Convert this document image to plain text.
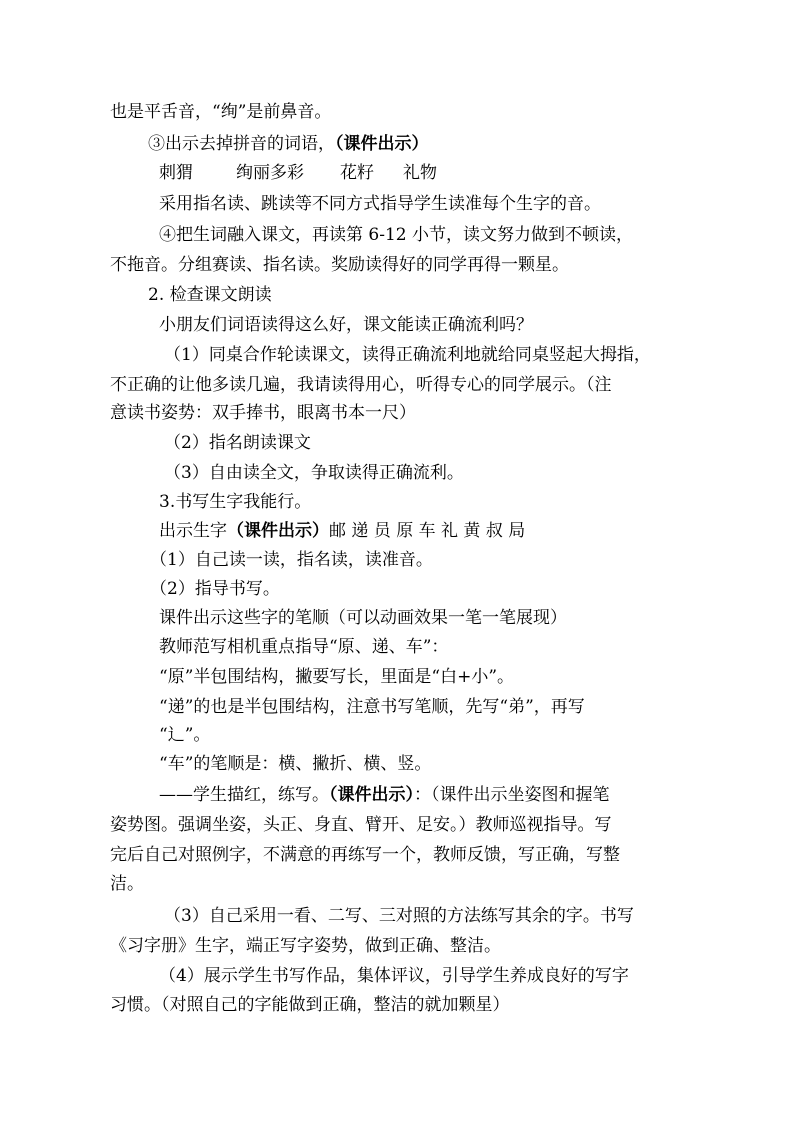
也是平舌音，“绚”是前鼻音。
③出示去掉拼音的词语，（课件出示）
刺猬	绚丽多彩 花籽 礼物
采用指名读、跳读等不同方式指导学生读准每个生字的音。
④把生词融入课文，再读第 6-12 小节，读文努力做到不顿读，
不拖音。分组赛读、指名读。奖励读得好的同学再得一颗星。
2. 检查课文朗读
小朋友们词语读得这么好，课文能读正确流利吗？
（1）同桌合作轮读课文，读得正确流利地就给同桌竖起大拇指，
不正确的让他多读几遍，我请读得用心，听得专心的同学展示。（注
意读书姿势：双手捧书，眼离书本一尺）
（2）指名朗读课文
（3）自由读全文，争取读得正确流利。
3.书写生字我能行。
出示生字（课件出示）邮 递 员 原 车 礼 黄 叔 局
（1）自己读一读，指名读，读准音。
（2）指导书写。
课件出示这些字的笔顺（可以动画效果一笔一笔展现）
教师范写相机重点指导“原、递、车”：
“原”半包围结构，撇要写长，里面是“白+小”。
“递”的也是半包围结构，注意书写笔顺，先写“弟”，再写
“辶”。
“车”的笔顺是：横、撇折、横、竖。
——学生描红，练写。（课件出示）：（课件出示坐姿图和握笔
姿势图。强调坐姿，头正、身直、臂开、足安。）教师巡视指导。写
完后自己对照例字，不满意的再练写一个，教师反馈，写正确，写整
洁。
（3）自己采用一看、二写、三对照的方法练写其余的字。书写
《习字册》生字，端正写字姿势，做到正确、整洁。
（4）展示学生书写作品，集体评议，引导学生养成良好的写字
习惯。（对照自己的字能做到正确，整洁的就加颗星）
